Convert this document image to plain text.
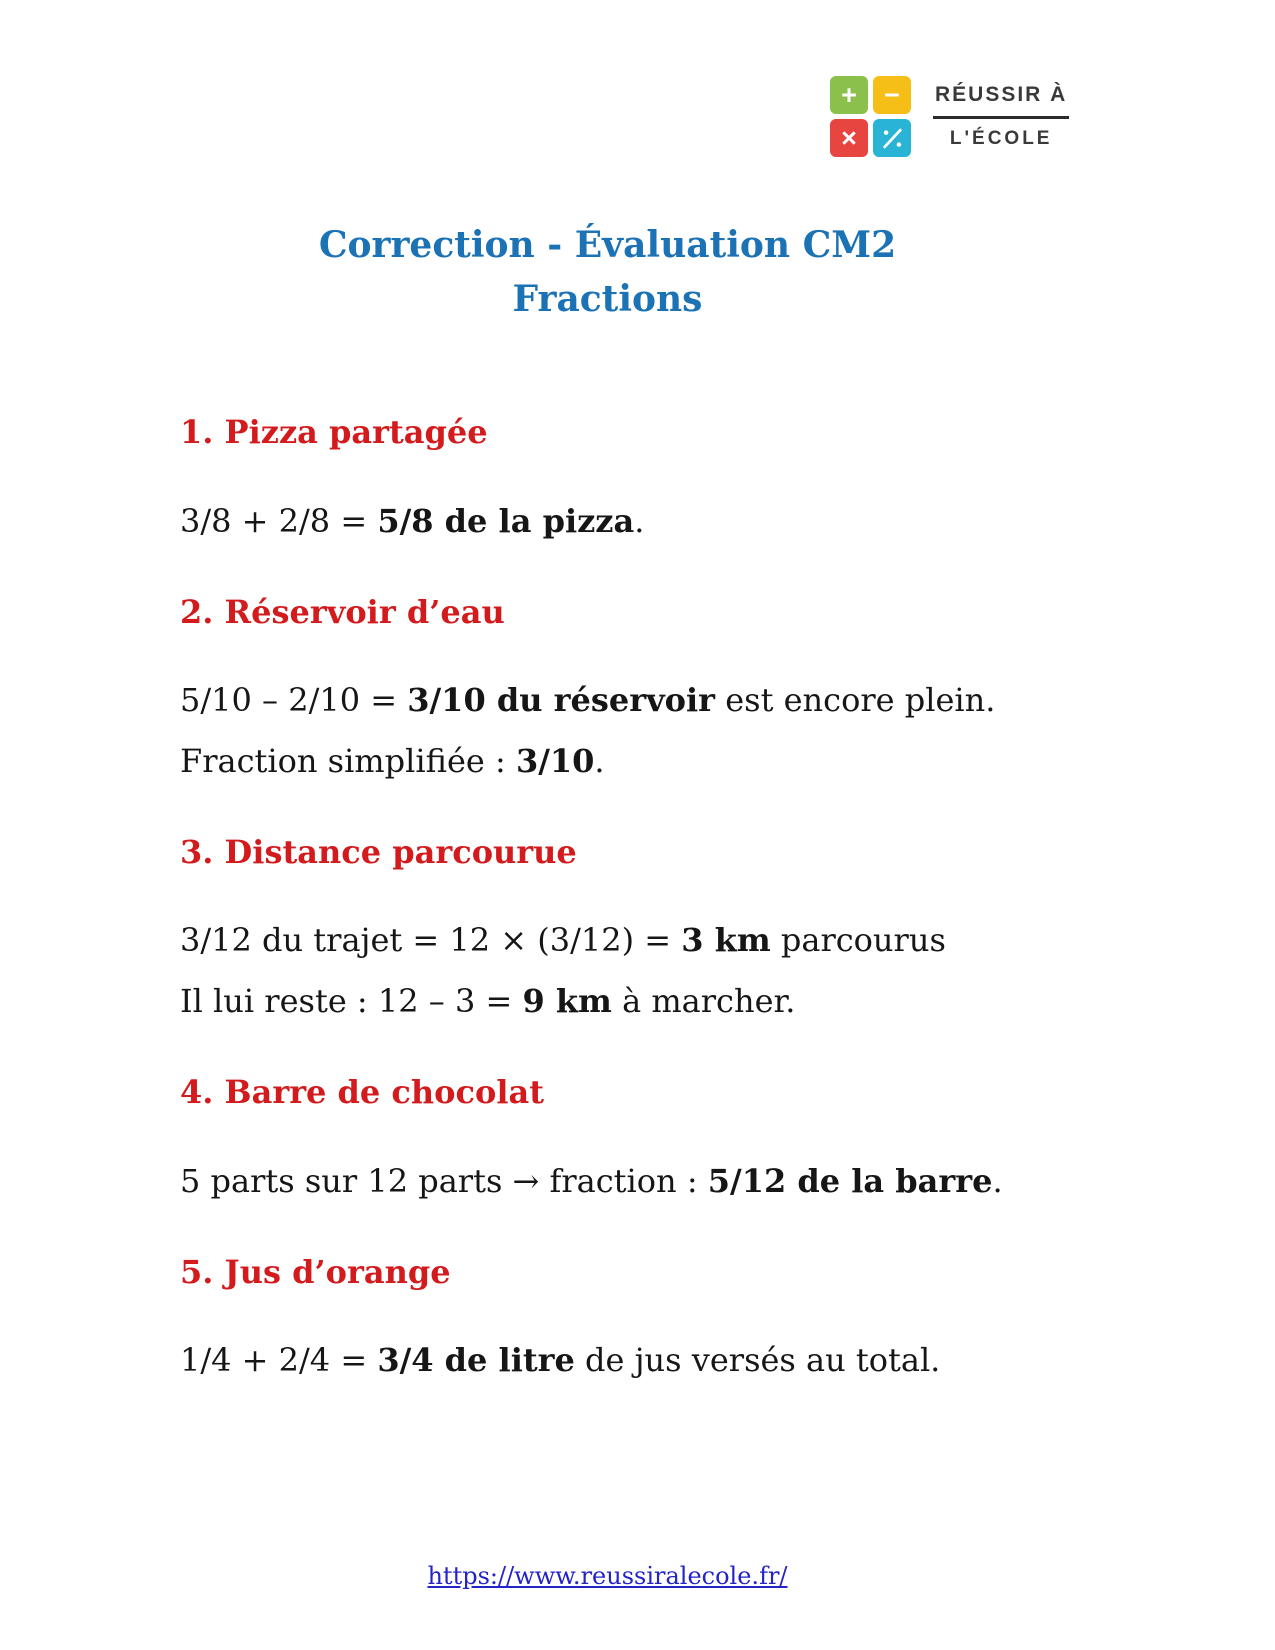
+	−
×
RÉUSSIR À
L'ÉCOLE
Correction - Évaluation CM2
Fractions
1. Pizza partagée

3/8 + 2/8 = 5/8 de la pizza.

2. Réservoir d’eau

5/10 – 2/10 = 3/10 du réservoir est encore plein.

Fraction simplifiée : 3/10.

3. Distance parcourue

3/12 du trajet = 12 × (3/12) = 3 km parcourus

Il lui reste : 12 – 3 = 9 km à marcher.

4. Barre de chocolat

5 parts sur 12 parts → fraction : 5/12 de la barre.

5. Jus d’orange

1/4 + 2/4 = 3/4 de litre de jus versés au total.

https://www.reussiralecole.fr/
